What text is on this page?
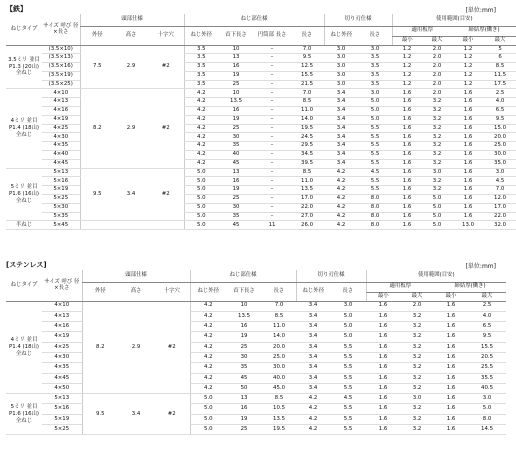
【鉄】	[単位:mm]
ねじタイプ	サイズ 呼び 径×長さ	頭部仕様			ねじ部仕様				切り刃仕様		使用範囲(目安)			
		外径	高さ	十字穴	ねじ外径	首下長さ	円筒部 長さ	長さ	ねじ外径	長さ	適用板厚		締結厚(働き)	
											最小	最大	最小	最大
3.5ミリ 並目 P1.3 (20山) 全ねじ	(3.5×10)	7.5	2.9	#2	3.5	10	–	7.0	3.0	3.0	1.2	2.0	1.2	5
	(3.5×13)				3.5	13	–	9.5	3.0	3.5	1.2	2.0	1.2	6
	(3.5×16)				3.5	16	–	12.5	3.0	3.5	1.2	2.0	1.2	8.5
	(3.5×19)				3.5	19	–	15.5	3.0	3.5	1.2	2.0	1.2	11.5
	(3.5×25)				3.5	25	–	21.5	3.0	3.5	1.2	2.0	1.2	17.5
4ミリ 並目 P1.4 (18山) 全ねじ	4×10	8.2	2.9	#2	4.2	10	–	7.0	3.4	3.0	1.6	2.0	1.6	2.5
	4×13				4.2	13.5	–	8.5	3.4	5.0	1.6	3.2	1.6	4.0
	4×16				4.2	16	–	11.0	3.4	5.0	1.6	3.2	1.6	6.5
	4×19				4.2	19	–	14.0	3.4	5.0	1.6	3.2	1.6	9.5
	4×25				4.2	25	–	19.5	3.4	5.5	1.6	3.2	1.6	15.0
	4×30				4.2	30	–	24.5	3.4	5.5	1.6	3.2	1.6	20.0
	4×35				4.2	35	–	29.5	3.4	5.5	1.6	3.2	1.6	25.0
	4×40				4.2	40	–	34.5	3.4	5.5	1.6	3.2	1.6	30.0
	4×45				4.2	45	–	39.5	3.4	5.5	1.6	3.2	1.6	35.0
5ミリ 並目 P1.6 (16山) 全ねじ	5×13	9.5	3.4	#2	5.0	13	–	8.5	4.2	4.5	1.6	3.0	1.6	3.0
	5×16				5.0	16	–	11.0	4.2	5.5	1.6	3.2	1.6	4.5
	5×19				5.0	19	–	13.5	4.2	5.5	1.6	3.2	1.6	7.0
	5×25				5.0	25	–	17.0	4.2	8.0	1.6	5.0	1.6	12.0
	5×30				5.0	30	–	22.0	4.2	8.0	1.6	5.0	1.6	17.0
	5×35				5.0	35	–	27.0	4.2	8.0	1.6	5.0	1.6	22.0
半ねじ	5×45				5.0	45	11	26.0	4.2	8.0	1.6	5.0	13.0	32.0
[ステンレス]	[単位:mm]
ねじタイプ	サイズ 呼び 径×長さ	頭部仕様			ねじ部仕様			切り刃仕様		使用範囲(目安)			
		外径	高さ	十字穴	ねじ外径	首下長さ	長さ	ねじ外径	長さ	適用板厚		締結厚(働き)	
										最小	最大	最小	最大
4ミリ 並目 P1.4 (18山) 全ねじ	4×10	8.2	2.9	#2	4.2	10	7.0	3.4	3.0	1.6	2.0	1.6	2.5
	4×13				4.2	13.5	8.5	3.4	5.0	1.6	3.2	1.6	4.0
	4×16				4.2	16	11.0	3.4	5.0	1.6	3.2	1.6	6.5
	4×19				4.2	19	14.0	3.4	5.0	1.6	3.2	1.6	9.5
	4×25				4.2	25	20.0	3.4	5.5	1.6	3.2	1.6	15.5
	4×30				4.2	30	25.0	3.4	5.5	1.6	3.2	1.6	20.5
	4×35				4.2	35	30.0	3.4	5.5	1.6	3.2	1.6	25.5
	4×45				4.2	45	40.0	3.4	5.5	1.6	3.2	1.6	35.5
	4×50				4.2	50	45.0	3.4	5.5	1.6	3.2	1.6	40.5
5ミリ 並目 P1.6 (16山) 全ねじ	5×13	9.5	3.4	#2	5.0	13	8.5	4.2	4.5	1.6	3.0	1.6	3.0
	5×16				5.0	16	10.5	4.2	5.5	1.6	3.2	1.6	5.0
	5×19				5.0	19	13.5	4.2	5.5	1.6	3.2	1.6	8.0
	5×25				5.0	25	19.5	4.2	5.5	1.6	3.2	1.6	14.5
